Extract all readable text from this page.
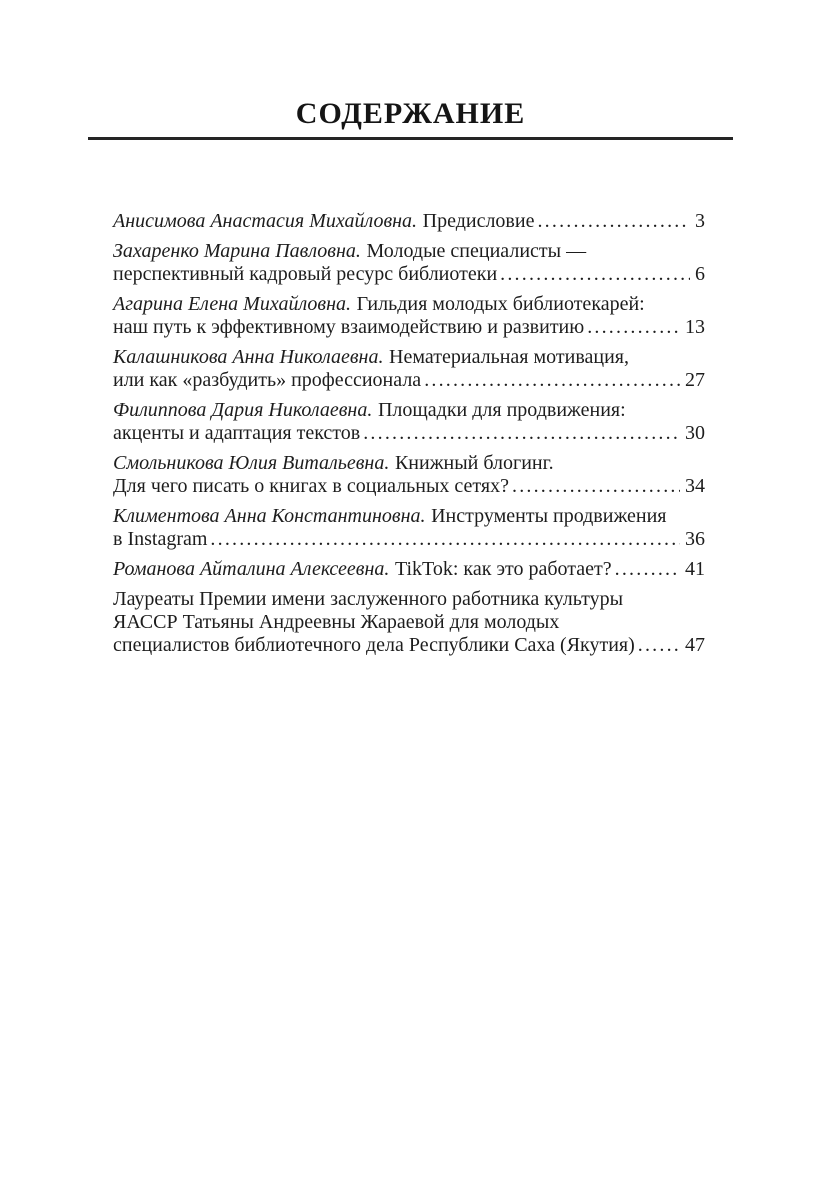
СОДЕРЖАНИЕ
Анисимова Анастасия Михайловна. Предисловие .....	3
Захаренко Марина Павловна. Молодые специалисты —
перспективный кадровый ресурс библиотеки .....	6
Агарина Елена Михайловна. Гильдия молодых библиотекарей:
наш путь к эффективному взаимодействию и развитию .....	13
Калашникова Анна Николаевна. Нематериальная мотивация,
или как «разбудить» профессионала .....	27
Филиппова Дария Николаевна. Площадки для продвижения:
акценты и адаптация текстов .....	30
Смольникова Юлия Витальевна. Книжный блогинг.
Для чего писать о книгах в социальных сетях? .....	34
Климентова Анна Константиновна. Инструменты продвижения
в Instagram .....	36
Романова Айталина Алексеевна. TikTok: как это работает? .....	41
Лауреаты Премии имени заслуженного работника культуры
ЯАССР Татьяны Андреевны Жараевой для молодых
специалистов библиотечного дела Республики Саха (Якутия) .....	47
